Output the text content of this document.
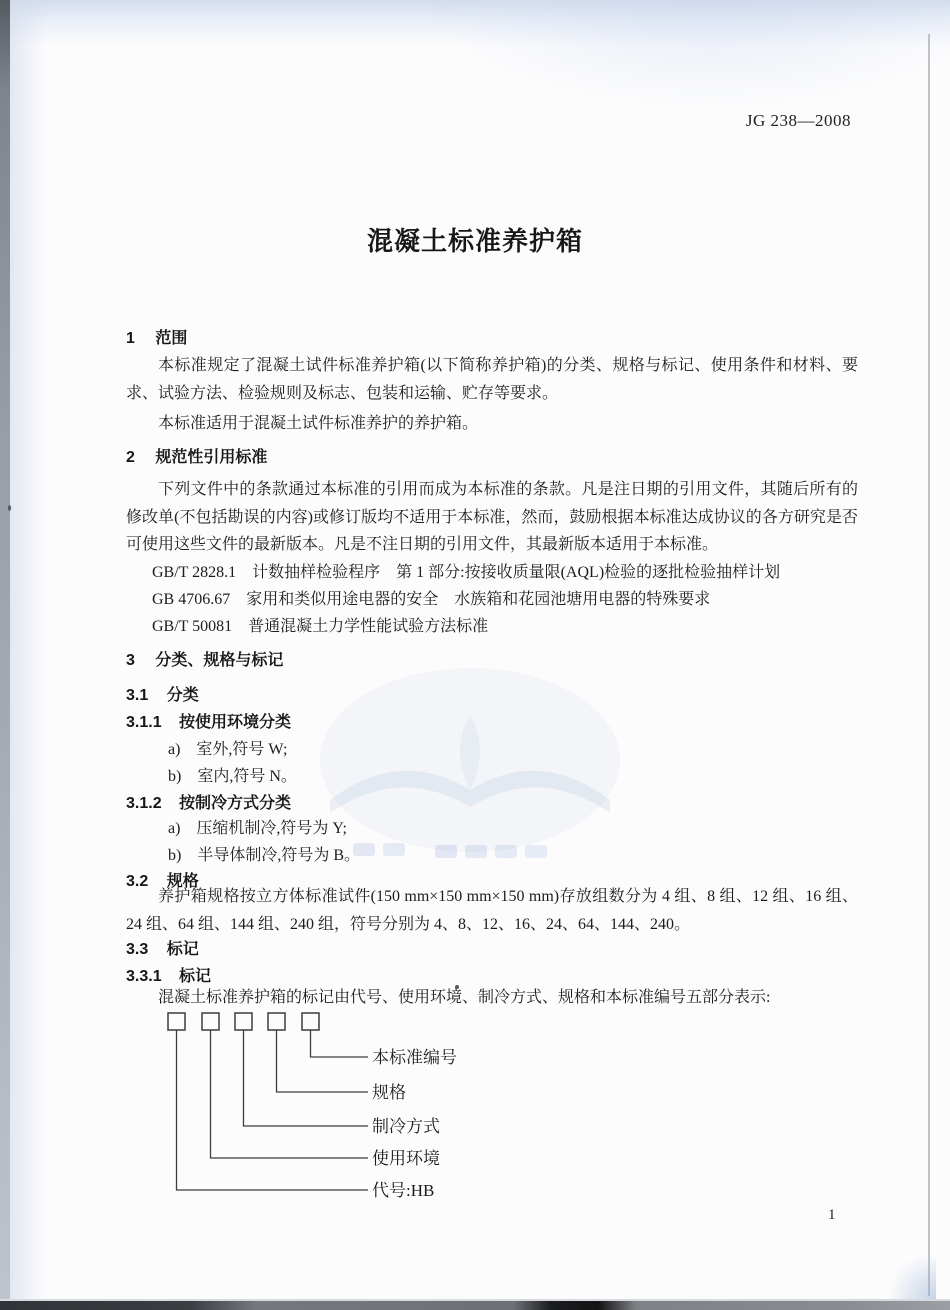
JG 238—2008
混凝土标准养护箱
1 范围

本标准规定了混凝土试件标准养护箱(以下简称养护箱)的分类、规格与标记、使用条件和材料、要求、试验方法、检验规则及标志、包装和运输、贮存等要求。

本标准适用于混凝土试件标准养护的养护箱。

2 规范性引用标准

下列文件中的条款通过本标准的引用而成为本标准的条款。凡是注日期的引用文件，其随后所有的修改单(不包括勘误的内容)或修订版均不适用于本标准，然而，鼓励根据本标准达成协议的各方研究是否可使用这些文件的最新版本。凡是不注日期的引用文件，其最新版本适用于本标准。

GB/T 2828.1　计数抽样检验程序　第 1 部分:按接收质量限(AQL)检验的逐批检验抽样计划

GB 4706.67　家用和类似用途电器的安全　水族箱和花园池塘用电器的特殊要求

GB/T 50081　普通混凝土力学性能试验方法标准

3 分类、规格与标记
3.1 分类
3.1.1 按使用环境分类

a)　室外,符号 W;

b)　室内,符号 N。

3.1.2 按制冷方式分类

a)　压缩机制冷,符号为 Y;

b)　半导体制冷,符号为 B。

3.2 规格

养护箱规格按立方体标准试件(150 mm×150 mm×150 mm)存放组数分为 4 组、8 组、12 组、16 组、24 组、64 组、144 组、240 组，符号分别为 4、8、12、16、24、64、144、240。

3.3 标记
3.3.1 标记

混凝土标准养护箱的标记由代号、使用环境、制冷方式、规格和本标准编号五部分表示:

本标准编号
规格
制冷方式
使用环境
代号:HB
1
